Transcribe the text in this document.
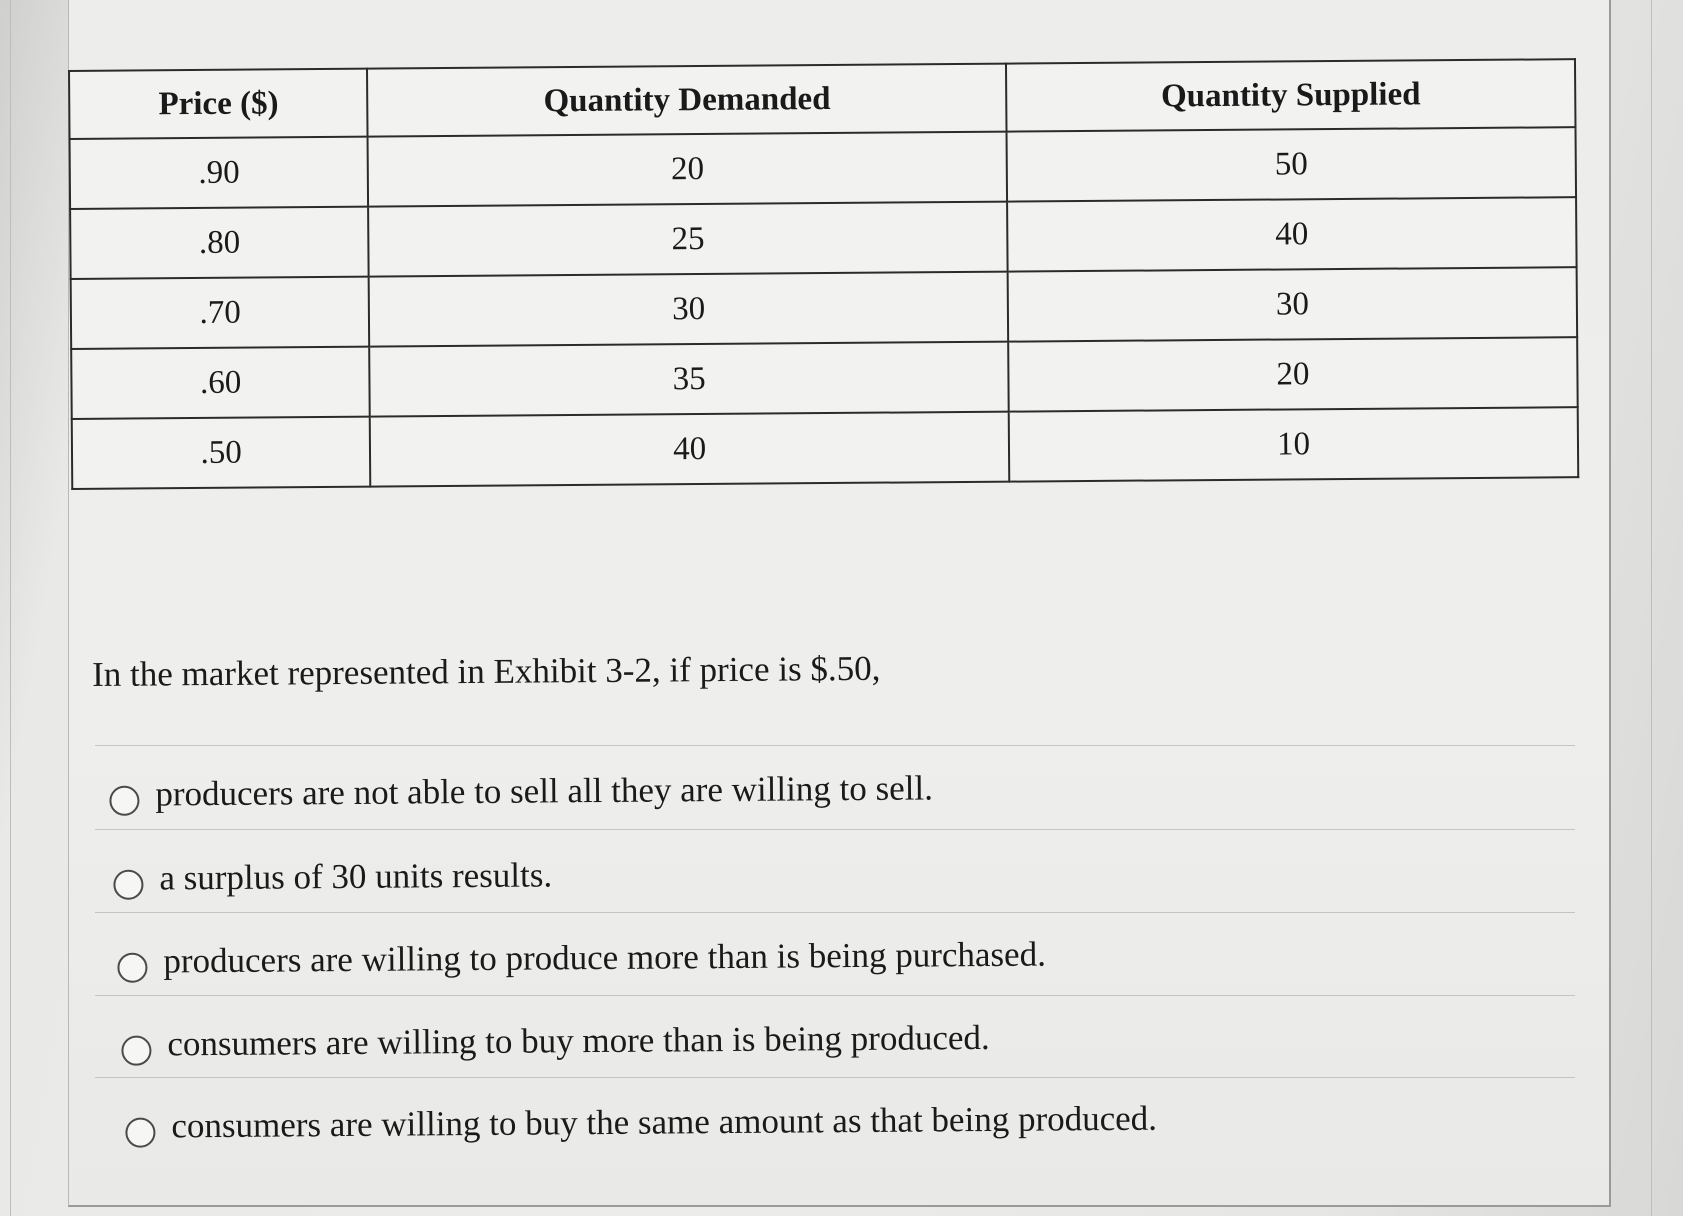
Price ($)	Quantity Demanded	Quantity Supplied
.90	20	50
.80	25	40
.70	30	30
.60	35	20
.50	40	10
In the market represented in Exhibit 3-2, if price is $.50,
producers are not able to sell all they are willing to sell.
a surplus of 30 units results.
producers are willing to produce more than is being purchased.
consumers are willing to buy more than is being produced.
consumers are willing to buy the same amount as that being produced.
